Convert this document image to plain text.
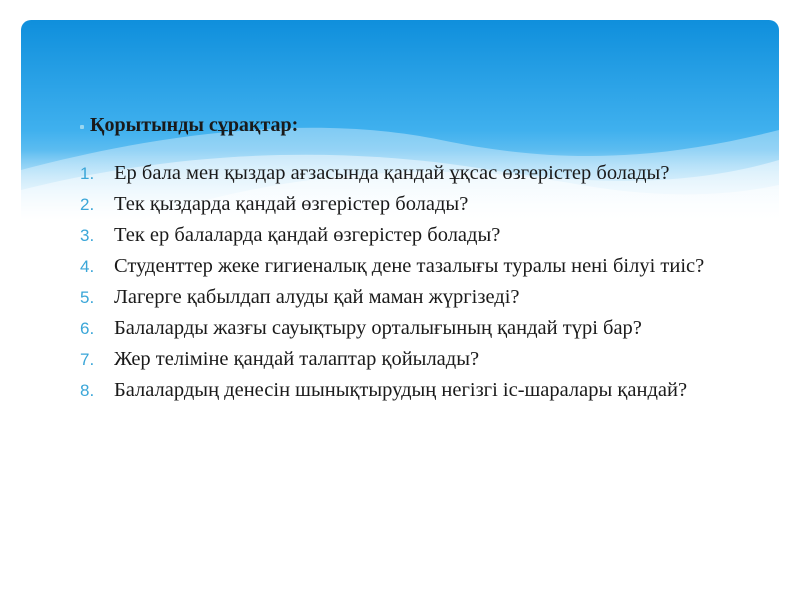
Қорытынды сұрақтар:
1. Ер бала мен қыздар ағзасында қандай ұқсас өзгерістер болады?
2. Тек қыздарда қандай өзгерістер болады?
3. Тек ер балаларда қандай өзгерістер болады?
4. Студенттер жеке гигиеналық дене тазалығы туралы нені білуі тиіс?
5. Лагерге қабылдап алуды қай маман жүргізеді?
6. Балаларды жазғы сауықтыру орталығының қандай түрі бар?
7. Жер теліміне қандай талаптар қойылады?
8. Балалардың денесін шынықтырудың негізгі іс-шаралары қандай?
